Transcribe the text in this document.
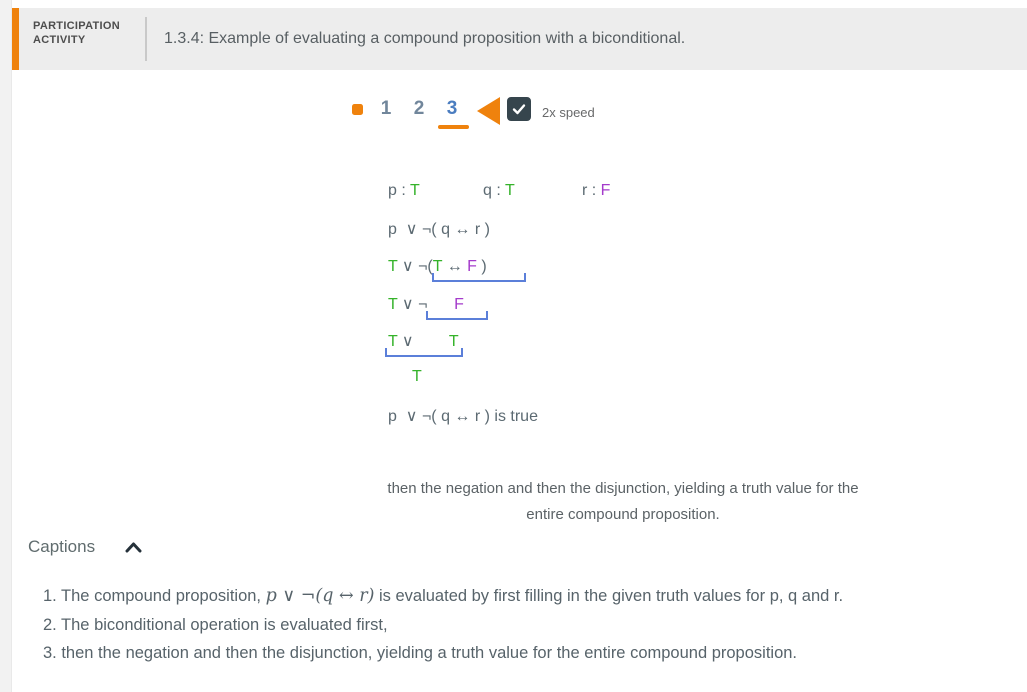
PARTICIPATION
ACTIVITY	1.3.4: Example of evaluating a compound proposition with a biconditional.
2x speed
1 2 3
p : T	q : T	r : F
p  ∨ ¬( q ↔ r )
T ∨ ¬(T ↔ F )
T ∨ ¬      F
T ∨        T
T
p  ∨ ¬( q ↔ r ) is true
then the negation and then the disjunction, yielding a truth value for the
entire compound proposition.
Captions
1. The compound proposition, p ∨ ¬(q ↔ r) is evaluated by first filling in the given truth values for p, q and r.
2. The biconditional operation is evaluated first,
3. then the negation and then the disjunction, yielding a truth value for the entire compound proposition.
